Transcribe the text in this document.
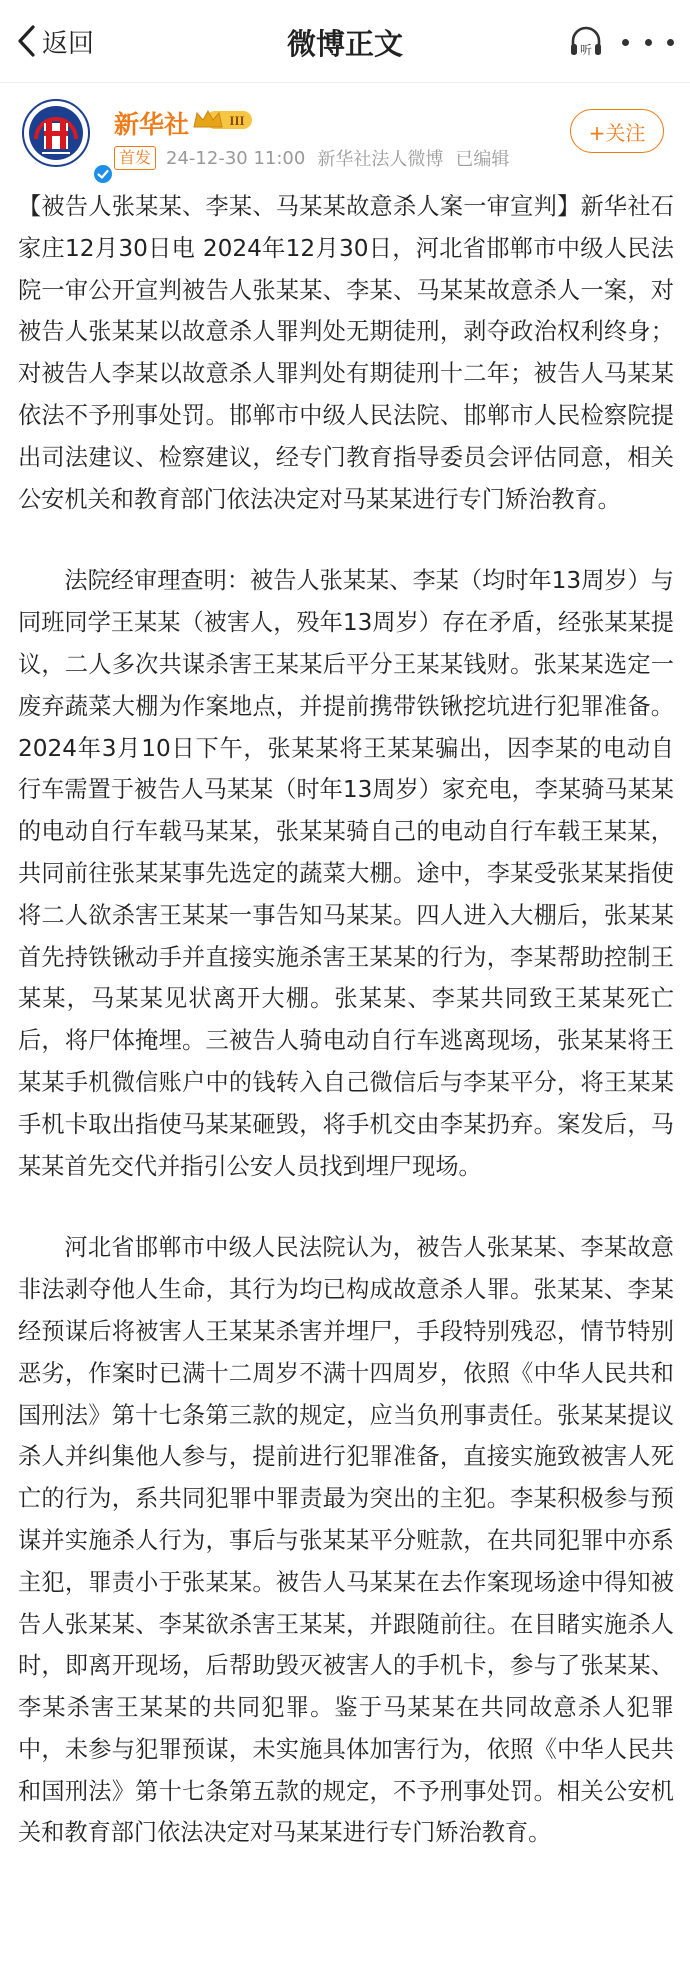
返回	微博正文	听
新华社	III
首发 24-12-30 11:00 新华社法人微博 已编辑
+关注

【被告人张某某、李某、马某某故意杀人案一审宣判】新华社石家庄12月30日电 2024年12月30日，河北省邯郸市中级人民法院一审公开宣判被告人张某某、李某、马某某故意杀人一案，对被告人张某某以故意杀人罪判处无期徒刑，剥夺政治权利终身；对被告人李某以故意杀人罪判处有期徒刑十二年；被告人马某某依法不予刑事处罚。邯郸市中级人民法院、邯郸市人民检察院提出司法建议、检察建议，经专门教育指导委员会评估同意，相关公安机关和教育部门依法决定对马某某进行专门矫治教育。

法院经审理查明：被告人张某某、李某（均时年13周岁）与同班同学王某某（被害人，殁年13周岁）存在矛盾，经张某某提议，二人多次共谋杀害王某某后平分王某某钱财。张某某选定一废弃蔬菜大棚为作案地点，并提前携带铁锹挖坑进行犯罪准备。2024年3月10日下午，张某某将王某某骗出，因李某的电动自行车需置于被告人马某某（时年13周岁）家充电，李某骑马某某的电动自行车载马某某，张某某骑自己的电动自行车载王某某，共同前往张某某事先选定的蔬菜大棚。途中，李某受张某某指使将二人欲杀害王某某一事告知马某某。四人进入大棚后，张某某首先持铁锹动手并直接实施杀害王某某的行为，李某帮助控制王某某，马某某见状离开大棚。张某某、李某共同致王某某死亡后，将尸体掩埋。三被告人骑电动自行车逃离现场，张某某将王某某手机微信账户中的钱转入自己微信后与李某平分，将王某某手机卡取出指使马某某砸毁，将手机交由李某扔弃。案发后，马某某首先交代并指引公安人员找到埋尸现场。

河北省邯郸市中级人民法院认为，被告人张某某、李某故意非法剥夺他人生命，其行为均已构成故意杀人罪。张某某、李某经预谋后将被害人王某某杀害并埋尸，手段特别残忍，情节特别恶劣，作案时已满十二周岁不满十四周岁，依照《中华人民共和国刑法》第十七条第三款的规定，应当负刑事责任。张某某提议杀人并纠集他人参与，提前进行犯罪准备，直接实施致被害人死亡的行为，系共同犯罪中罪责最为突出的主犯。李某积极参与预谋并实施杀人行为，事后与张某某平分赃款，在共同犯罪中亦系主犯，罪责小于张某某。被告人马某某在去作案现场途中得知被告人张某某、李某欲杀害王某某，并跟随前往。在目睹实施杀人时，即离开现场，后帮助毁灭被害人的手机卡，参与了张某某、李某杀害王某某的共同犯罪。鉴于马某某在共同故意杀人犯罪中，未参与犯罪预谋，未实施具体加害行为，依照《中华人民共和国刑法》第十七条第五款的规定，不予刑事处罚。相关公安机关和教育部门依法决定对马某某进行专门矫治教育。
